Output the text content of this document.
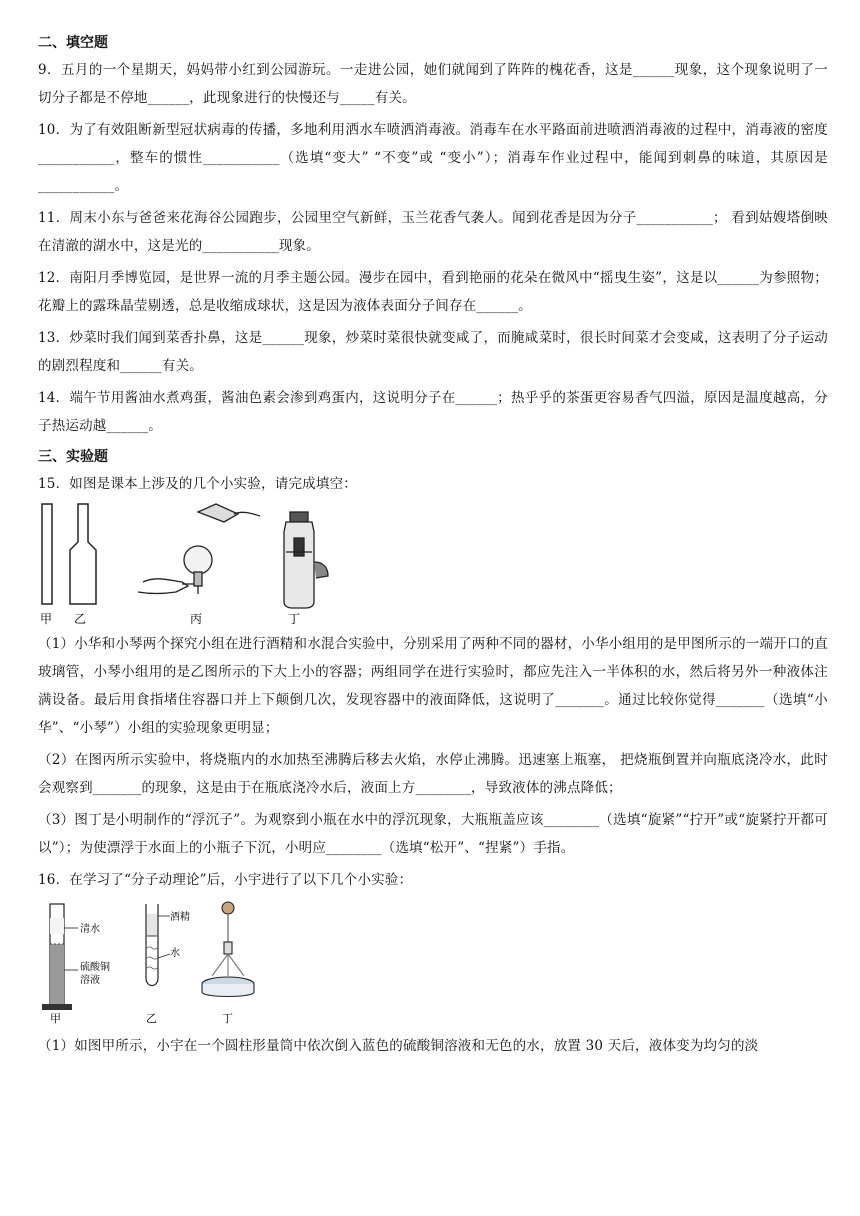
二、填空题

9．五月的一个星期天，妈妈带小红到公园游玩。一走进公园，她们就闻到了阵阵的槐花香，这是______现象，这个现象说明了一切分子都是不停地______，此现象进行的快慢还与_____有关。

10．为了有效阻断新型冠状病毒的传播，多地利用洒水车喷洒消毒液。消毒车在水平路面前进喷洒消毒液的过程中，消毒液的密度___________，整车的惯性___________（选填“变大” “不变”或 “变小”）；消毒车作业过程中，能闻到刺鼻的味道，其原因是___________。

11．周末小东与爸爸来花海谷公园跑步，公园里空气新鲜，玉兰花香气袭人。闻到花香是因为分子___________； 看到姑嫂塔倒映在清澈的湖水中，这是光的___________现象。

12．南阳月季博览园，是世界一流的月季主题公园。漫步在园中，看到艳丽的花朵在微风中“摇曳生姿”，这是以______为参照物；花瓣上的露珠晶莹剔透，总是收缩成球状，这是因为液体表面分子间存在______。

13．炒菜时我们闻到菜香扑鼻，这是______现象，炒菜时菜很快就变咸了，而腌咸菜时，很长时间菜才会变咸，这表明了分子运动的剧烈程度和______有关。

14．端午节用酱油水煮鸡蛋，酱油色素会渗到鸡蛋内，这说明分子在______；热乎乎的茶蛋更容易香气四溢，原因是温度越高，分子热运动越______。

三、实验题

15．如图是课本上涉及的几个小实验，请完成填空：

甲 乙	丙	丁

（1）小华和小琴两个探究小组在进行酒精和水混合实验中，分别采用了两种不同的器材，小华小组用的是甲图所示的一端开口的直玻璃管，小琴小组用的是乙图所示的下大上小的容器；两组同学在进行实验时，都应先注入一半体积的水，然后将另外一种液体注满设备。最后用食指堵住容器口并上下颠倒几次，发现容器中的液面降低，这说明了_______。通过比较你觉得_______（选填“小华”、“小琴”）小组的实验现象更明显；

（2）在图丙所示实验中，将烧瓶内的水加热至沸腾后移去火焰，水停止沸腾。迅速塞上瓶塞， 把烧瓶倒置并向瓶底浇冷水，此时会观察到_______的现象，这是由于在瓶底浇冷水后，液面上方________，导致液体的沸点降低；

（3）图丁是小明制作的“浮沉子”。为观察到小瓶在水中的浮沉现象，大瓶瓶盖应该________（选填“旋紧”“拧开”或“旋紧拧开都可以”）；为使漂浮于水面上的小瓶子下沉，小明应________（选填“松开”、“捏紧”）手指。

16．在学习了“分子动理论”后，小宇进行了以下几个小实验：

清水
硫酸铜
溶液
酒精
水
甲	乙	丁

（1）如图甲所示，小宇在一个圆柱形量筒中依次倒入蓝色的硫酸铜溶液和无色的水，放置 30 天后，液体变为均匀的淡
